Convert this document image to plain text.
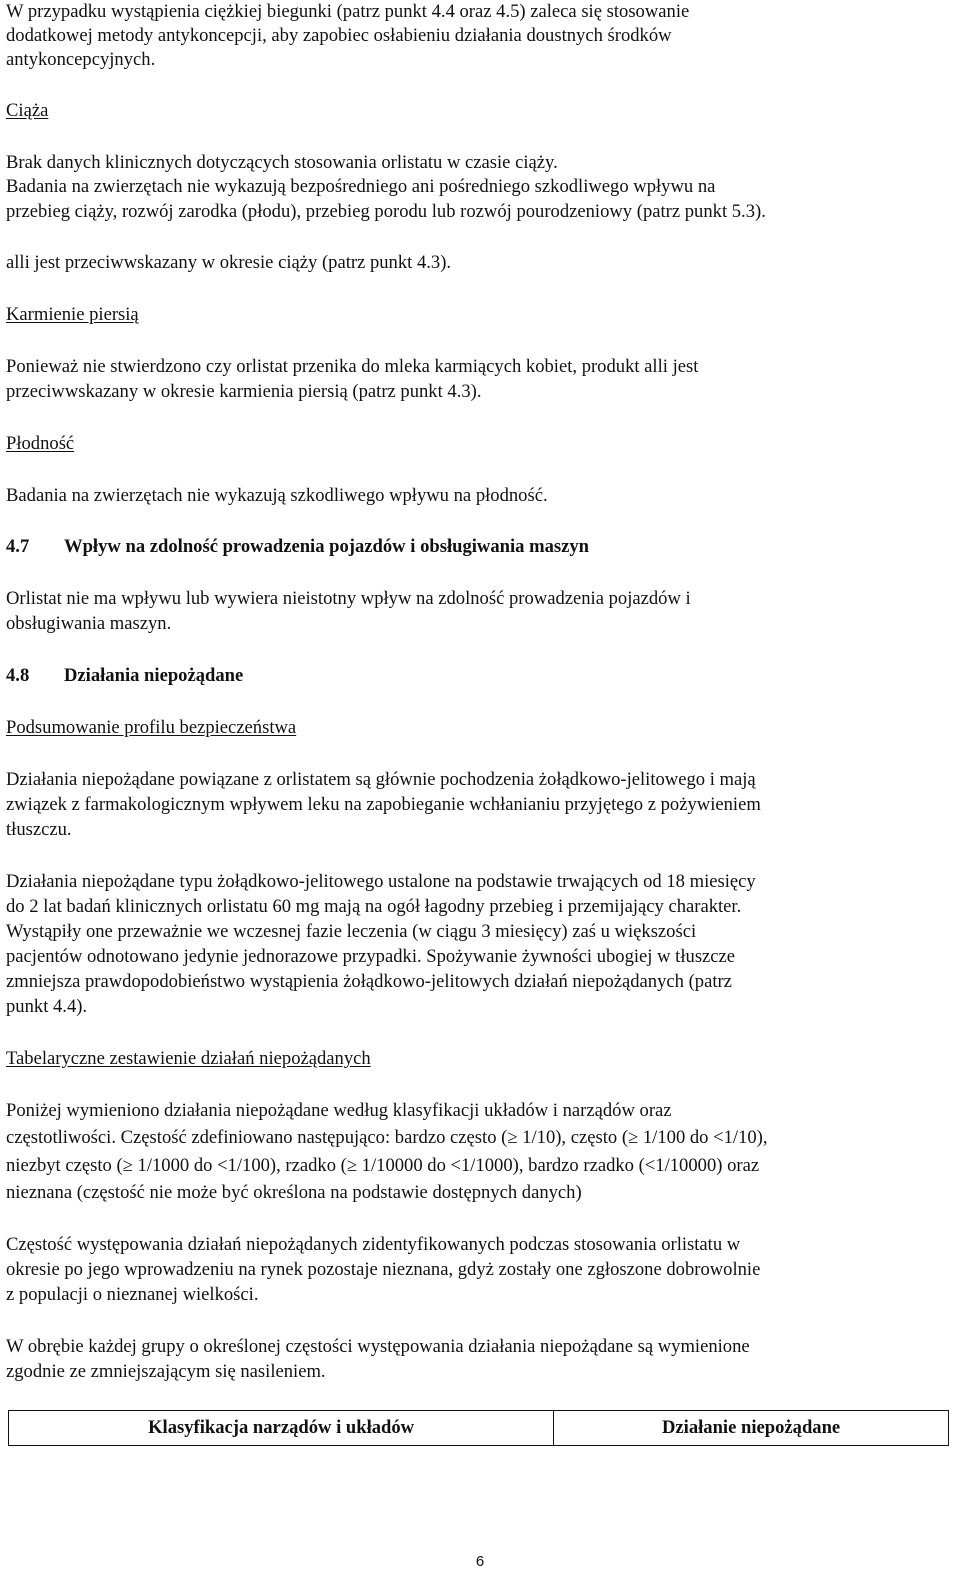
W przypadku wystąpienia ciężkiej biegunki (patrz punkt 4.4 oraz 4.5) zaleca się stosowanie

dodatkowej metody antykoncepcji, aby zapobiec osłabieniu działania doustnych środków

antykoncepcyjnych.

Ciąża

Brak danych klinicznych dotyczących stosowania orlistatu w czasie ciąży.

Badania na zwierzętach nie wykazują bezpośredniego ani pośredniego szkodliwego wpływu na

przebieg ciąży, rozwój zarodka (płodu), przebieg porodu lub rozwój pourodzeniowy (patrz punkt 5.3).

alli jest przeciwwskazany w okresie ciąży (patrz punkt 4.3).

Karmienie piersią

Ponieważ nie stwierdzono czy orlistat przenika do mleka karmiących kobiet, produkt alli jest

przeciwwskazany w okresie karmienia piersią (patrz punkt 4.3).

Płodność

Badania na zwierzętach nie wykazują szkodliwego wpływu na płodność.

4.7 Wpływ na zdolność prowadzenia pojazdów i obsługiwania maszyn

Orlistat nie ma wpływu lub wywiera nieistotny wpływ na zdolność prowadzenia pojazdów i

obsługiwania maszyn.

4.8 Działania niepożądane

Podsumowanie profilu bezpieczeństwa

Działania niepożądane powiązane z orlistatem są głównie pochodzenia żołądkowo-jelitowego i mają

związek z farmakologicznym wpływem leku na zapobieganie wchłanianiu przyjętego z pożywieniem

tłuszczu.

Działania niepożądane typu żołądkowo-jelitowego ustalone na podstawie trwających od 18 miesięcy

do 2 lat badań klinicznych orlistatu 60 mg mają na ogół łagodny przebieg i przemijający charakter.

Wystąpiły one przeważnie we wczesnej fazie leczenia (w ciągu 3 miesięcy) zaś u większości

pacjentów odnotowano jedynie jednorazowe przypadki. Spożywanie żywności ubogiej w tłuszcze

zmniejsza prawdopodobieństwo wystąpienia żołądkowo-jelitowych działań niepożądanych (patrz

punkt 4.4).

Tabelaryczne zestawienie działań niepożądanych

Poniżej wymieniono działania niepożądane według klasyfikacji układów i narządów oraz

częstotliwości. Częstość zdefiniowano następująco: bardzo często (≥ 1/10), często (≥ 1/100 do <1/10),

niezbyt często (≥ 1/1000 do <1/100), rzadko (≥ 1/10000 do <1/1000), bardzo rzadko (<1/10000) oraz

nieznana (częstość nie może być określona na podstawie dostępnych danych)

Częstość występowania działań niepożądanych zidentyfikowanych podczas stosowania orlistatu w

okresie po jego wprowadzeniu na rynek pozostaje nieznana, gdyż zostały one zgłoszone dobrowolnie

z populacji o nieznanej wielkości.

W obrębie każdej grupy o określonej częstości występowania działania niepożądane są wymienione

zgodnie ze zmniejszającym się nasileniem.

Klasyfikacja narządów i układów	Działanie niepożądane
6
